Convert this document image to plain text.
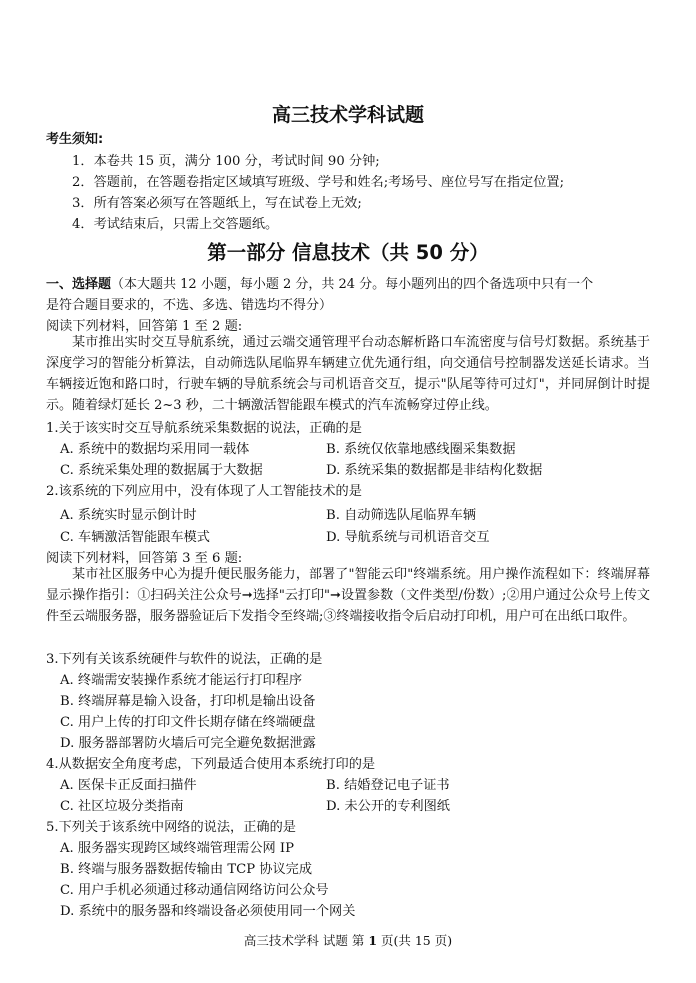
高三技术学科试题
考生须知:
1．本卷共 15 页，满分 100 分，考试时间 90 分钟;
2．答题前，在答题卷指定区域填写班级、学号和姓名;考场号、座位号写在指定位置;
3．所有答案必须写在答题纸上，写在试卷上无效;
4．考试结束后，只需上交答题纸。
第一部分 信息技术（共 50 分）
一、选择题（本大题共 12 小题，每小题 2 分，共 24 分。每小题列出的四个备选项中只有一个
是符合题目要求的，不选、多选、错选均不得分）
阅读下列材料，回答第 1 至 2 题:
某市推出实时交互导航系统，通过云端交通管理平台动态解析路口车流密度与信号灯数据。系统基于深度学习的智能分析算法，自动筛选队尾临界车辆建立优先通行组，向交通信号控制器发送延长请求。当车辆接近饱和路口时，行驶车辆的导航系统会与司机语音交互，提示"队尾等待可过灯"，并同屏倒计时提示。随着绿灯延长 2~3 秒，二十辆激活智能跟车模式的汽车流畅穿过停止线。
1.关于该实时交互导航系统采集数据的说法，正确的是
A. 系统中的数据均采用同一载体	B. 系统仅依靠地感线圈采集数据
C. 系统采集处理的数据属于大数据	D. 系统采集的数据都是非结构化数据
2.该系统的下列应用中，没有体现了人工智能技术的是
A. 系统实时显示倒计时	B. 自动筛选队尾临界车辆
C. 车辆激活智能跟车模式	D. 导航系统与司机语音交互
阅读下列材料，回答第 3 至 6 题:
某市社区服务中心为提升便民服务能力，部署了"智能云印"终端系统。用户操作流程如下：终端屏幕显示操作指引：①扫码关注公众号➞选择"云打印"➞设置参数（文件类型/份数）;②用户通过公众号上传文件至云端服务器，服务器验证后下发指令至终端;③终端接收指令后启动打印机，用户可在出纸口取件。
3.下列有关该系统硬件与软件的说法，正确的是
A. 终端需安装操作系统才能运行打印程序
B. 终端屏幕是输入设备，打印机是输出设备
C. 用户上传的打印文件长期存储在终端硬盘
D. 服务器部署防火墙后可完全避免数据泄露
4.从数据安全角度考虑，下列最适合使用本系统打印的是
A. 医保卡正反面扫描件	B. 结婚登记电子证书
C. 社区垃圾分类指南	D. 未公开的专利图纸
5.下列关于该系统中网络的说法，正确的是
A. 服务器实现跨区域终端管理需公网 IP
B. 终端与服务器数据传输由 TCP 协议完成
C. 用户手机必须通过移动通信网络访问公众号
D. 系统中的服务器和终端设备必须使用同一个网关
高三技术学科 试题 第 1 页(共 15 页)
